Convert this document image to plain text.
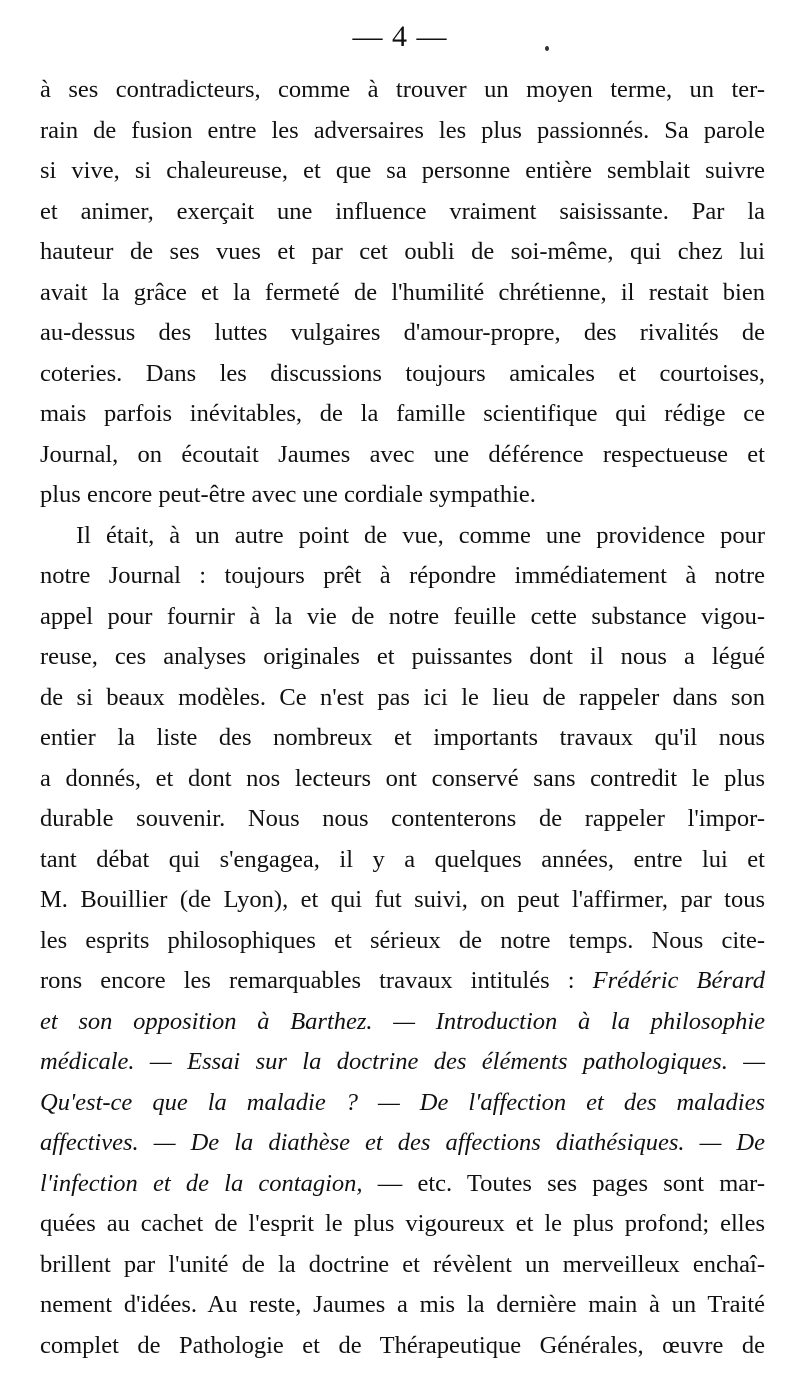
— 4 —
à ses contradicteurs, comme à trouver un moyen terme, un ter-
rain de fusion entre les adversaires les plus passionnés. Sa parole
si vive, si chaleureuse, et que sa personne entière semblait suivre
et animer, exerçait une influence vraiment saisissante. Par la
hauteur de ses vues et par cet oubli de soi-même, qui chez lui
avait la grâce et la fermeté de l'humilité chrétienne, il restait bien
au-dessus des luttes vulgaires d'amour-propre, des rivalités de
coteries. Dans les discussions toujours amicales et courtoises,
mais parfois inévitables, de la famille scientifique qui rédige ce
Journal, on écoutait Jaumes avec une déférence respectueuse et
plus encore peut-être avec une cordiale sympathie.
Il était, à un autre point de vue, comme une providence pour
notre Journal : toujours prêt à répondre immédiatement à notre
appel pour fournir à la vie de notre feuille cette substance vigou-
reuse, ces analyses originales et puissantes dont il nous a légué
de si beaux modèles. Ce n'est pas ici le lieu de rappeler dans son
entier la liste des nombreux et importants travaux qu'il nous
a donnés, et dont nos lecteurs ont conservé sans contredit le plus
durable souvenir. Nous nous contenterons de rappeler l'impor-
tant débat qui s'engagea, il y a quelques années, entre lui et
M. Bouillier (de Lyon), et qui fut suivi, on peut l'affirmer, par tous
les esprits philosophiques et sérieux de notre temps. Nous cite-
rons encore les remarquables travaux intitulés : Frédéric Bérard
et son opposition à Barthez. — Introduction à la philosophie
médicale. — Essai sur la doctrine des éléments pathologiques. —
Qu'est-ce que la maladie ? — De l'affection et des maladies
affectives. — De la diathèse et des affections diathésiques. — De
l'infection et de la contagion, — etc. Toutes ses pages sont mar-
quées au cachet de l'esprit le plus vigoureux et le plus profond; elles
brillent par l'unité de la doctrine et révèlent un merveilleux enchaî-
nement d'idées. Au reste, Jaumes a mis la dernière main à un Traité
complet de Pathologie et de Thérapeutique Générales, œuvre de
